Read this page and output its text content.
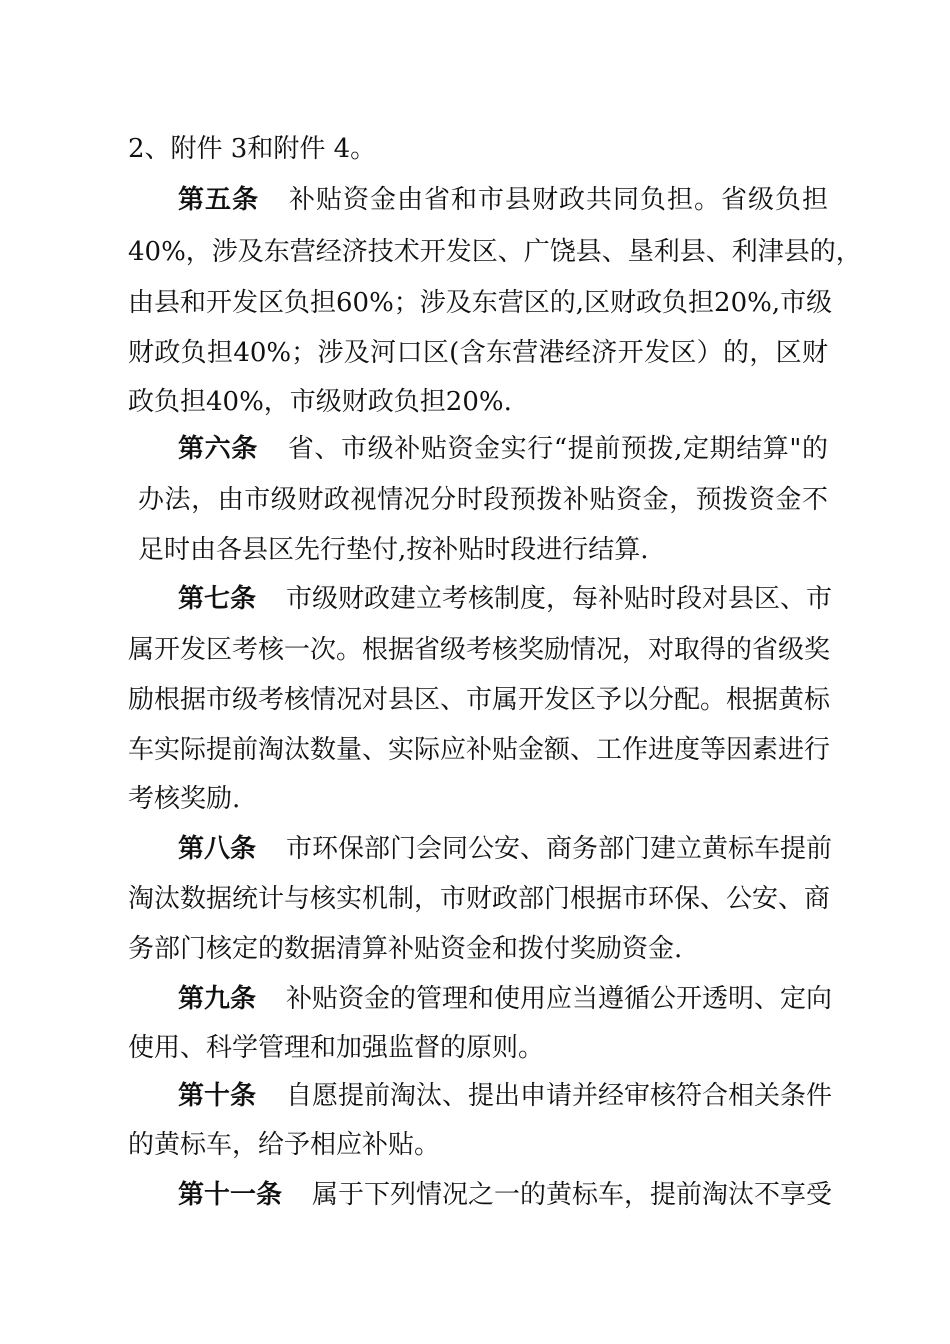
2、附件 3和附件 4。
第五条 补贴资金由省和市县财政共同负担。省级负担
40%，涉及东营经济技术开发区、广饶县、垦利县、利津县的，
由县和开发区负担60%；涉及东营区的,区财政负担20%,市级
财政负担40%；涉及河口区(含东营港经济开发区）的，区财
政负担40%，市级财政负担20%.
第六条 省、市级补贴资金实行“提前预拨,定期结算"的
办法，由市级财政视情况分时段预拨补贴资金，预拨资金不
足时由各县区先行垫付,按补贴时段进行结算.
第七条 市级财政建立考核制度，每补贴时段对县区、市
属开发区考核一次。根据省级考核奖励情况，对取得的省级奖
励根据市级考核情况对县区、市属开发区予以分配。根据黄标
车实际提前淘汰数量、实际应补贴金额、工作进度等因素进行
考核奖励.
第八条 市环保部门会同公安、商务部门建立黄标车提前
淘汰数据统计与核实机制，市财政部门根据市环保、公安、商
务部门核定的数据清算补贴资金和拨付奖励资金.
第九条 补贴资金的管理和使用应当遵循公开透明、定向
使用、科学管理和加强监督的原则。
第十条 自愿提前淘汰、提出申请并经审核符合相关条件
的黄标车，给予相应补贴。
第十一条 属于下列情况之一的黄标车，提前淘汰不享受
